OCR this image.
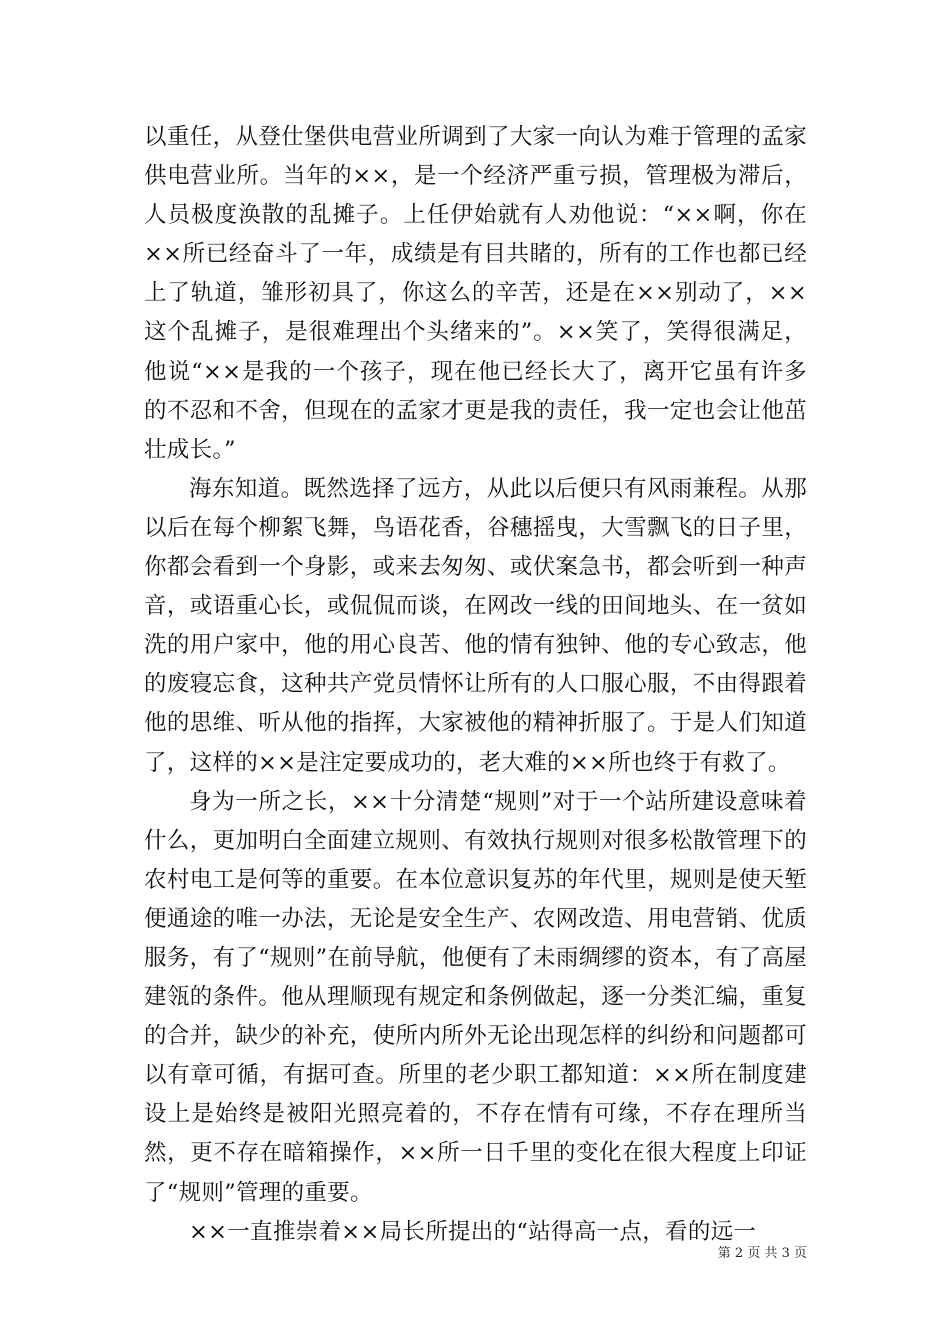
以重任，从登仕堡供电营业所调到了大家一向认为难于管理的孟家供电营业所。当年的××，是一个经济严重亏损，管理极为滞后，人员极度涣散的乱摊子。上任伊始就有人劝他说：“××啊，你在××所已经奋斗了一年，成绩是有目共睹的，所有的工作也都已经上了轨道，雏形初具了，你这么的辛苦，还是在××别动了，××这个乱摊子，是很难理出个头绪来的”。××笑了，笑得很满足，他说“××是我的一个孩子，现在他已经长大了，离开它虽有许多的不忍和不舍，但现在的孟家才更是我的责任，我一定也会让他茁壮成长。”

海东知道。既然选择了远方，从此以后便只有风雨兼程。从那以后在每个柳絮飞舞，鸟语花香，谷穗摇曳，大雪飘飞的日子里，你都会看到一个身影，或来去匆匆、或伏案急书，都会听到一种声音，或语重心长，或侃侃而谈，在网改一线的田间地头、在一贫如洗的用户家中，他的用心良苦、他的情有独钟、他的专心致志，他的废寝忘食，这种共产党员情怀让所有的人口服心服，不由得跟着他的思维、听从他的指挥，大家被他的精神折服了。于是人们知道了，这样的××是注定要成功的，老大难的××所也终于有救了。

身为一所之长，××十分清楚“规则”对于一个站所建设意味着什么，更加明白全面建立规则、有效执行规则对很多松散管理下的农村电工是何等的重要。在本位意识复苏的年代里，规则是使天堑便通途的唯一办法，无论是安全生产、农网改造、用电营销、优质服务，有了“规则”在前导航，他便有了未雨绸缪的资本，有了高屋建瓴的条件。他从理顺现有规定和条例做起，逐一分类汇编，重复的合并，缺少的补充，使所内所外无论出现怎样的纠纷和问题都可以有章可循，有据可查。所里的老少职工都知道：××所在制度建设上是始终是被阳光照亮着的，不存在情有可缘，不存在理所当然，更不存在暗箱操作，××所一日千里的变化在很大程度上印证了“规则”管理的重要。

××一直推崇着××局长所提出的“站得高一点，看的远一

第 2 页 共 3 页
